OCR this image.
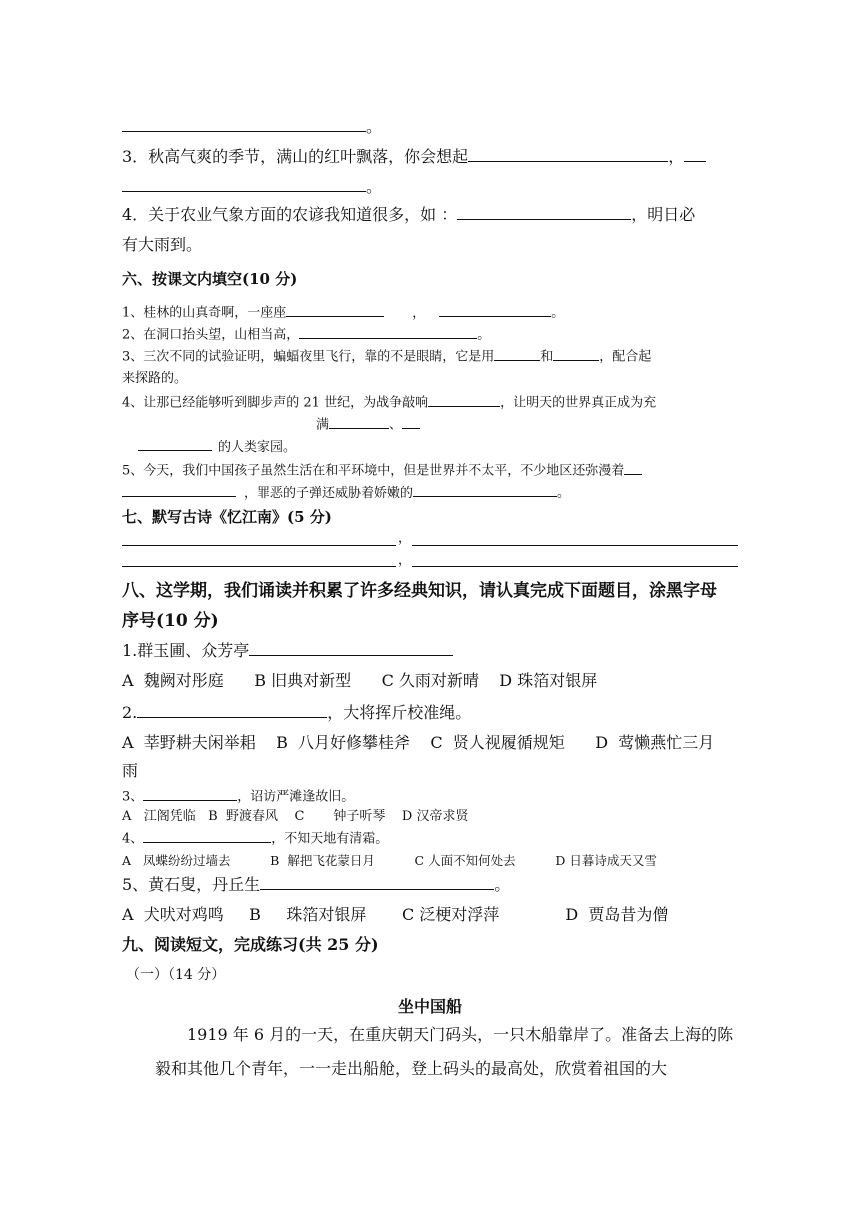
。
3．秋高气爽的季节，满山的红叶飘落，你会想起	，
。
4．关于农业气象方面的农谚我知道很多，如 ：	，明日必
有大雨到。
六、按课文内填空(10 分)
1、桂林的山真奇啊，一座座	，	。
2、在洞口抬头望，山相当高，	。
3、三次不同的试验证明，蝙蝠夜里飞行，靠的不是眼睛，它是用	和	，配合起
来探路的。
4、让那已经能够听到脚步声的 21 世纪，为战争敲响	，让明天的世界真正成为充
满	、
的人类家园。
5、今天，我们中国孩子虽然生活在和平环境中，但是世界并不太平，不少地区还弥漫着
，罪恶的子弹还威胁着娇嫩的	。
七、默写古诗《忆江南》(5 分)
，
，
八、这学期，我们诵读并积累了许多经典知识，请认真完成下面题目，涂黑字母
序号(10 分)
1.群玉圃、众芳亭
A  魏阙对彤庭      B 旧典对新型      C 久雨对新晴    D 珠箔对银屏
2.	，大将挥斤校准绳。
A  莘野耕夫闲举耜    B  八月好修攀桂斧    C  贤人视履循规矩      D  莺懒燕忙三月
雨
3、	，诏访严滩逢故旧。
A   江阁凭临   B  野渡春风    C       钟子听琴    D 汉帝求贤
4、	，不知天地有清霜。
A   凤蝶纷纷过墙去          B  解把飞花蒙日月          C 人面不知何处去          D 日暮诗成天又雪
5、黄石叟，丹丘生	。
A  犬吠对鸡鸣     B     珠箔对银屏       C 泛梗对浮萍             D  贾岛昔为僧
九、阅读短文，完成练习(共 25 分)
（一）（14 分）
坐中国船
1919 年 6 月的一天，在重庆朝天门码头，一只木船靠岸了。准备去上海的陈毅和其他几个青年，一一走出船舱，登上码头的最高处，欣赏着祖国的大
